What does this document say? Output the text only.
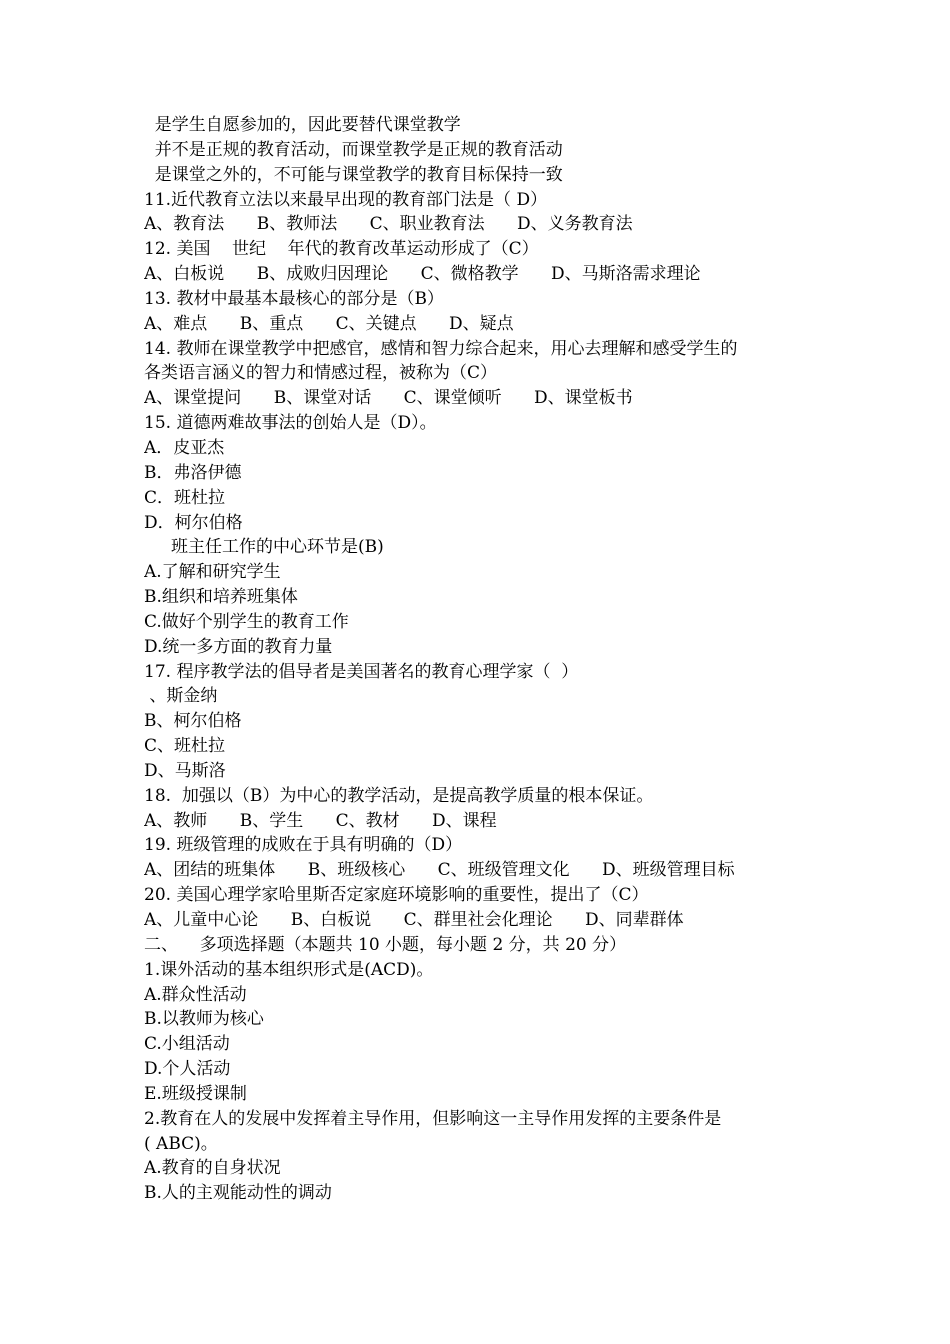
是学生自愿参加的，因此要替代课堂教学
并不是正规的教育活动，而课堂教学是正规的教育活动
是课堂之外的，不可能与课堂教学的教育目标保持一致
11.近代教育立法以来最早出现的教育部门法是（ D）
A、教育法      B、教师法      C、职业教育法      D、义务教育法
12. 美国    世纪    年代的教育改革运动形成了（C）
A、白板说      B、成败归因理论      C、微格教学      D、马斯洛需求理论
13. 教材中最基本最核心的部分是（B）
A、难点      B、重点      C、关键点      D、疑点
14. 教师在课堂教学中把感官，感情和智力综合起来，用心去理解和感受学生的
各类语言涵义的智力和情感过程，被称为（C）
A、课堂提问      B、课堂对话      C、课堂倾听      D、课堂板书
15. 道德两难故事法的创始人是（D）。
A．皮亚杰
B．弗洛伊德
C．班杜拉
D．柯尔伯格
班主任工作的中心环节是(B)
A.了解和研究学生
B.组织和培养班集体
C.做好个别学生的教育工作
D.统一多方面的教育力量
17. 程序教学法的倡导者是美国著名的教育心理学家（  ）
、斯金纳
B、柯尔伯格
C、班杜拉
D、马斯洛
18.  加强以（B）为中心的教学活动，是提高教学质量的根本保证。
A、教师      B、学生      C、教材      D、课程
19. 班级管理的成败在于具有明确的（D）
A、团结的班集体      B、班级核心      C、班级管理文化      D、班级管理目标
20. 美国心理学家哈里斯否定家庭环境影响的重要性，提出了（C）
A、儿童中心论      B、白板说      C、群里社会化理论      D、同辈群体
二、    多项选择题（本题共 10 小题，每小题 2 分，共 20 分）
1.课外活动的基本组织形式是(ACD)。
A.群众性活动
B.以教师为核心
C.小组活动
D.个人活动
E.班级授课制
2.教育在人的发展中发挥着主导作用，但影响这一主导作用发挥的主要条件是
( ABC)。
A.教育的自身状况
B.人的主观能动性的调动
